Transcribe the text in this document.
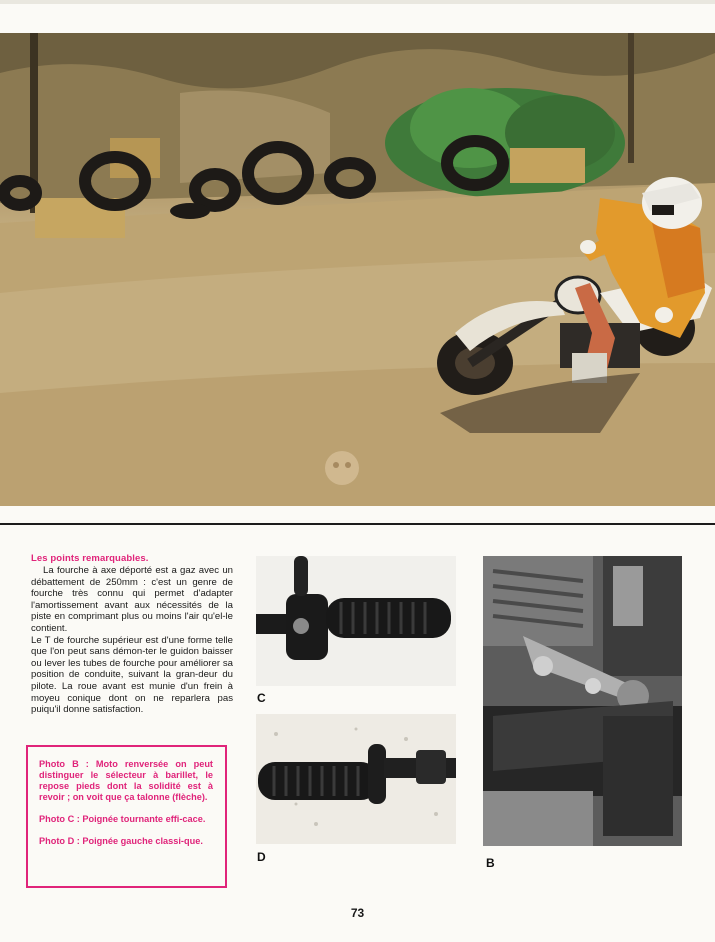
Les points remarquables.

La fourche à axe déporté est a gaz avec un débattement de 250mm : c'est un genre de fourche très connu qui permet d'adapter l'amortissement avant aux nécessités de la piste en comprimant plus ou moins l'air qu'el-le contient.

Le T de fourche supérieur est d'une forme telle que l'on peut sans démon-ter le guidon baisser ou lever les tubes de fourche pour améliorer sa position de conduite, suivant la gran-deur du pilote. La roue avant est munie d'un frein à moyeu conique dont on ne reparlera pas puiqu'il donne satisfaction.

Photo B : Moto renversée on peut distinguer le sélecteur à barillet, le repose pieds dont la solidité est à revoir ; on voit que ça talonne (flèche).

Photo C : Poignée tournante effi-cace.

Photo D : Poignée gauche classi-que.

C
D	B
73
